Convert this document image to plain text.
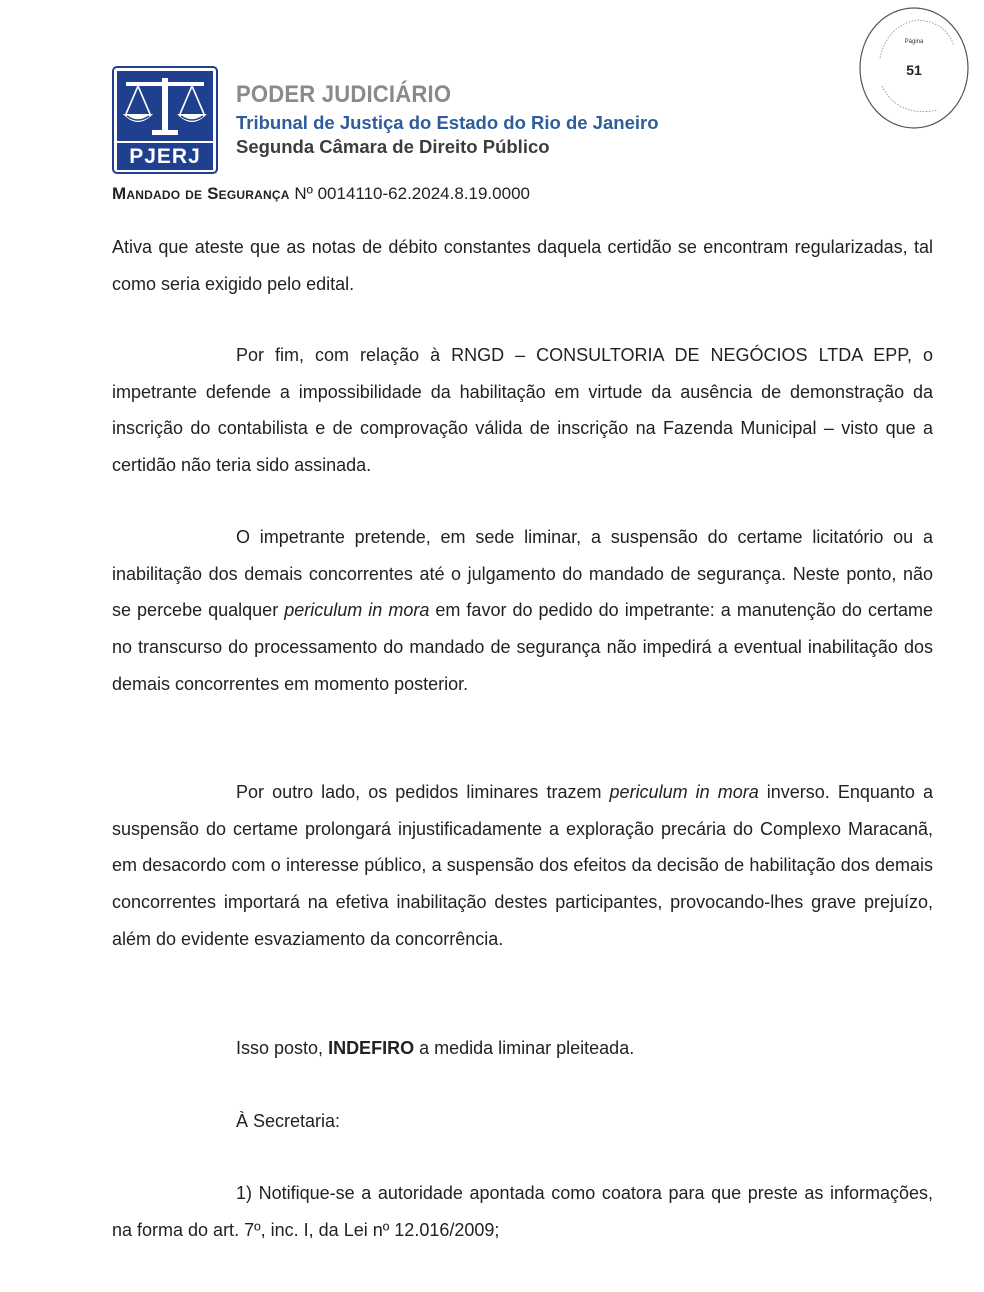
Página
51
PJERJ
PODER JUDICIÁRIO
Tribunal de Justiça do Estado do Rio de Janeiro
Segunda Câmara de Direito Público
Mandado de Segurança Nº 0014110-62.2024.8.19.0000

Ativa que ateste que as notas de débito constantes daquela certidão se encontram regularizadas, tal como seria exigido pelo edital.

Por fim, com relação à RNGD – CONSULTORIA DE NEGÓCIOS LTDA EPP, o impetrante defende a impossibilidade da habilitação em virtude da ausência de demonstração da inscrição do contabilista e de comprovação válida de inscrição na Fazenda Municipal – visto que a certidão não teria sido assinada.

O impetrante pretende, em sede liminar, a suspensão do certame licitatório ou a inabilitação dos demais concorrentes até o julgamento do mandado de segurança. Neste ponto, não se percebe qualquer periculum in mora em favor do pedido do impetrante: a manutenção do certame no transcurso do processamento do mandado de segurança não impedirá a eventual inabilitação dos demais concorrentes em momento posterior.

Por outro lado, os pedidos liminares trazem periculum in mora inverso. Enquanto a suspensão do certame prolongará injustificadamente a exploração precária do Complexo Maracanã, em desacordo com o interesse público, a suspensão dos efeitos da decisão de habilitação dos demais concorrentes importará na efetiva inabilitação destes participantes, provocando-lhes grave prejuízo, além do evidente esvaziamento da concorrência.

Isso posto, INDEFIRO a medida liminar pleiteada.

À Secretaria:

1) Notifique-se a autoridade apontada como coatora para que preste as informações, na forma do art. 7º, inc. I, da Lei nº 12.016/2009;
